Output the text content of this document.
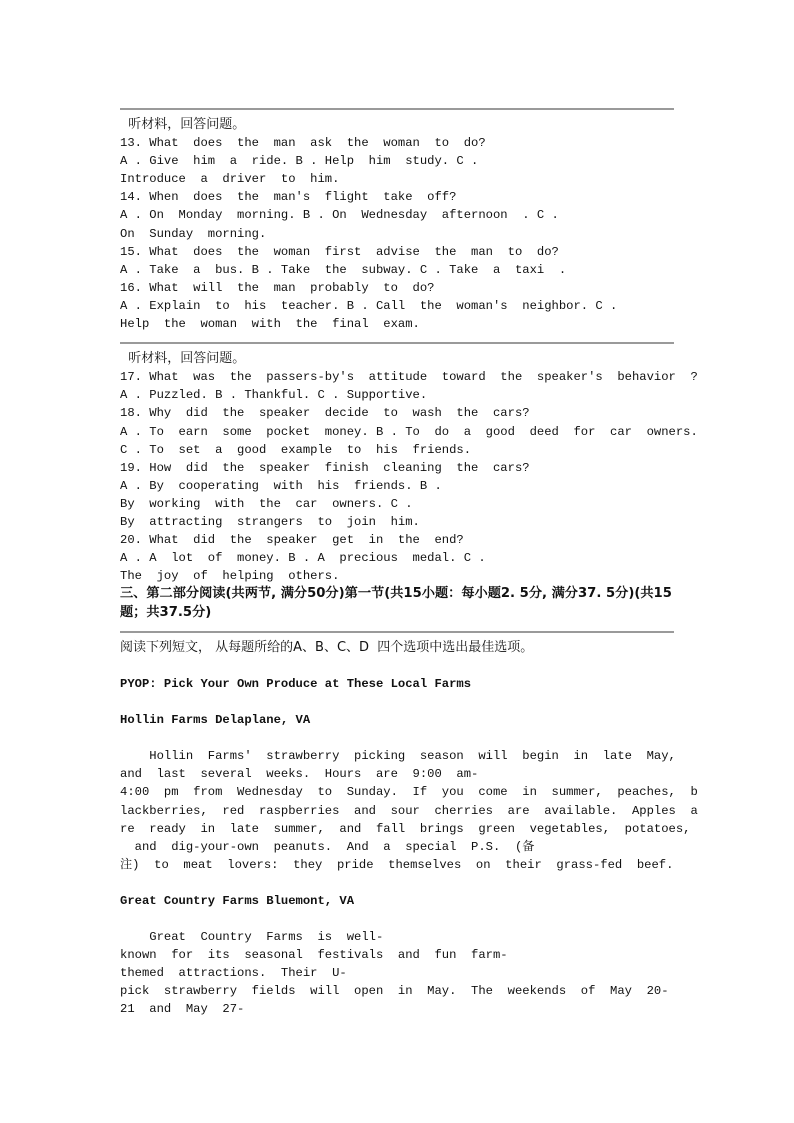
听材料，回答问题。
13. What  does  the  man  ask  the  woman  to  do?
A . Give  him  a  ride. B . Help  him  study. C .
Introduce  a  driver  to  him.
14. When  does  the  man's  flight  take  off?
A . On  Monday  morning. B . On  Wednesday  afternoon  . C .
On  Sunday  morning.
15. What  does  the  woman  first  advise  the  man  to  do?
A . Take  a  bus. B . Take  the  subway. C . Take  a  taxi  .
16. What  will  the  man  probably  to  do?
A . Explain  to  his  teacher. B . Call  the  woman's  neighbor. C .
Help  the  woman  with  the  final  exam.
听材料，回答问题。
17. What  was  the  passers-by's  attitude  toward  the  speaker's  behavior  ?
A . Puzzled. B . Thankful. C . Supportive.
18. Why  did  the  speaker  decide  to  wash  the  cars?
A . To  earn  some  pocket  money. B . To  do  a  good  deed  for  car  owners.
C . To  set  a  good  example  to  his  friends.
19. How  did  the  speaker  finish  cleaning  the  cars?
A . By  cooperating  with  his  friends. B .
By  working  with  the  car  owners. C .
By  attracting  strangers  to  join  him.
20. What  did  the  speaker  get  in  the  end?
A . A  lot  of  money. B . A  precious  medal. C .
The  joy  of  helping  others.
三、第二部分阅读(共两节, 满分50分)第一节(共15小题：每小题2. 5分, 满分37. 5分)(共15题；共37.5分)
阅读下列短文， 从每题所给的A、B、C、D  四个选项中选出最佳选项。
PYOP: Pick Your Own Produce at These Local Farms
Hollin Farms Delaplane, VA
Hollin  Farms'  strawberry  picking  season  will  begin  in  late  May,
and  last  several  weeks.  Hours  are  9:00  am-
4:00  pm  from  Wednesday  to  Sunday.  If  you  come  in  summer,  peaches,  b
lackberries,  red  raspberries  and  sour  cherries  are  available.  Apples  a
re  ready  in  late  summer,  and  fall  brings  green  vegetables,  potatoes,
and  dig-your-own  peanuts.  And  a  special  P.S.  (备
注)  to  meat  lovers:  they  pride  themselves  on  their  grass-fed  beef.
Great Country Farms Bluemont, VA
Great  Country  Farms  is  well-
known  for  its  seasonal  festivals  and  fun  farm-
themed  attractions.  Their  U-
pick  strawberry  fields  will  open  in  May.  The  weekends  of  May  20-
21  and  May  27-
